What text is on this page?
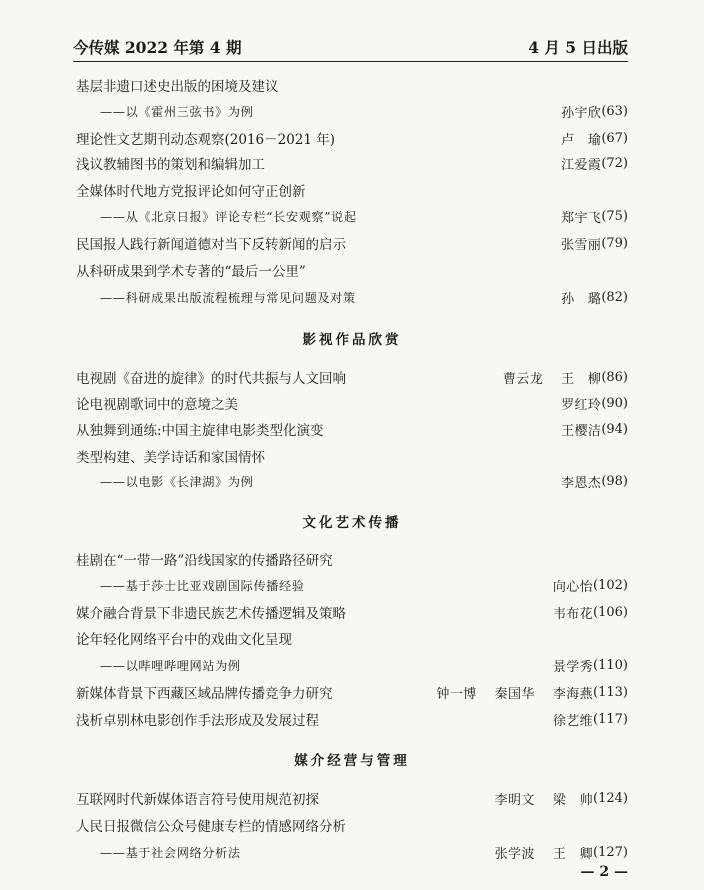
今传媒 2022 年第 4 期	4 月 5 日出版
基层非遗口述史出版的困境及建议
——以《霍州三弦书》为例	孙宇欣 (63)
理论性文艺期刊动态观察(2016－2021 年)	卢　瑜 (67)
浅议教辅图书的策划和编辑加工	江爱霞 (72)
全媒体时代地方党报评论如何守正创新
——从《北京日报》评论专栏“长安观察”说起	郑宇飞 (75)
民国报人践行新闻道德对当下反转新闻的启示	张雪丽 (79)
从科研成果到学术专著的“最后一公里”
——科研成果出版流程梳理与常见问题及对策	孙　璐 (82)
影视作品欣赏
电视剧《奋进的旋律》的时代共振与人文回响	曹云龙 王　柳 (86)
论电视剧歌词中的意境之美	罗红玲 (90)
从独舞到通练:中国主旋律电影类型化演变	王樱洁 (94)
类型构建、美学诗话和家国情怀
——以电影《长津湖》为例	李恩杰 (98)
文化艺术传播
桂剧在“一带一路”沿线国家的传播路径研究
——基于莎士比亚戏剧国际传播经验	向心怡 (102)
媒介融合背景下非遗民族艺术传播逻辑及策略	韦布花 (106)
论年轻化网络平台中的戏曲文化呈现
——以哔哩哔哩网站为例	景学秀 (110)
新媒体背景下西藏区域品牌传播竞争力研究	钟一博 秦国华 李海燕 (113)
浅析卓别林电影创作手法形成及发展过程	徐艺维 (117)
媒介经营与管理
互联网时代新媒体语言符号使用规范初探	李明文 梁　帅 (124)
人民日报微信公众号健康专栏的情感网络分析
——基于社会网络分析法	张学波 王　卿 (127)
— 2 —
